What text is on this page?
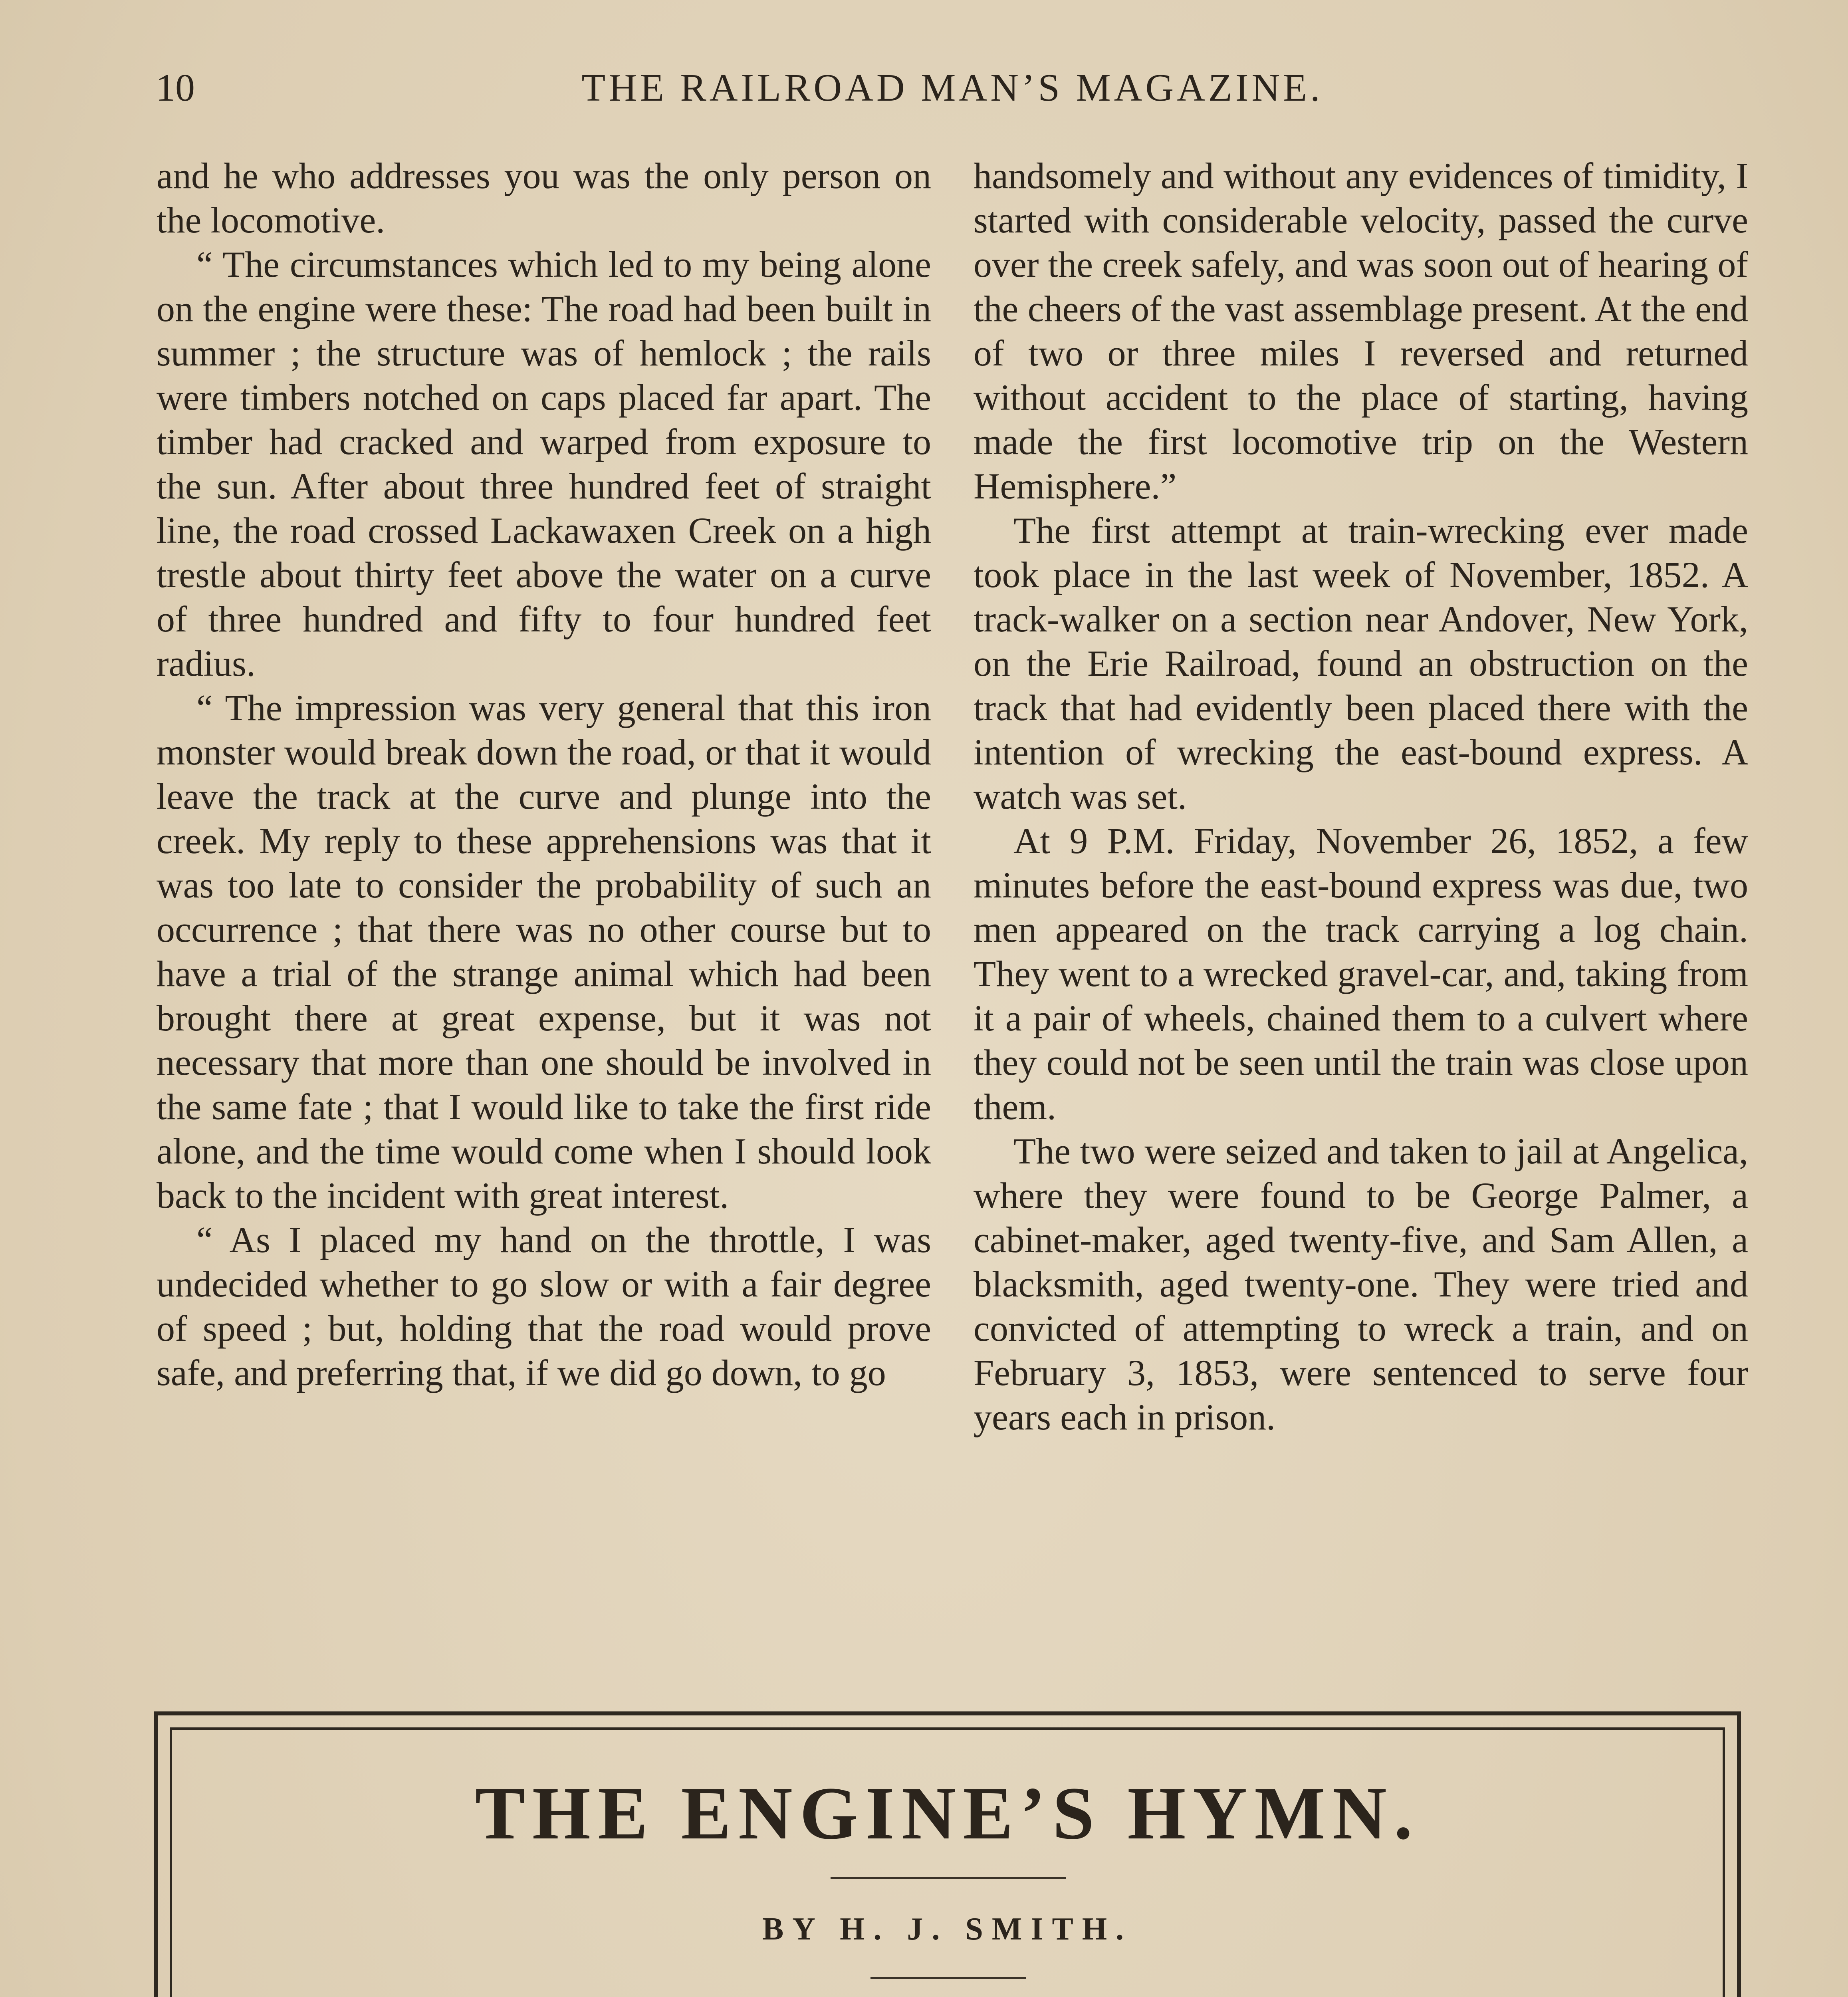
10	THE RAILROAD MAN’S MAGAZINE.

and he who addresses you was the only person on the locomotive.

“ The circumstances which led to my being alone on the engine were these: The road had been built in summer ; the structure was of hemlock ; the rails were timbers notched on caps placed far apart. The timber had cracked and warped from exposure to the sun. After about three hundred feet of straight line, the road crossed Lackawaxen Creek on a high trestle about thirty feet above the water on a curve of three hundred and fifty to four hundred feet radius.

“ The impression was very general that this iron monster would break down the road, or that it would leave the track at the curve and plunge into the creek. My reply to these apprehensions was that it was too late to consider the probability of such an occurrence ; that there was no other course but to have a trial of the strange animal which had been brought there at great expense, but it was not necessary that more than one should be involved in the same fate ; that I would like to take the first ride alone, and the time would come when I should look back to the incident with great interest.

“ As I placed my hand on the throttle, I was undecided whether to go slow or with a fair degree of speed ; but, holding that the road would prove safe, and preferring that, if we did go down, to go

handsomely and without any evidences of timidity, I started with considerable velocity, passed the curve over the creek safely, and was soon out of hearing of the cheers of the vast assemblage present. At the end of two or three miles I reversed and returned without accident to the place of starting, having made the first locomotive trip on the Western Hemisphere.”

The first attempt at train-wrecking ever made took place in the last week of November, 1852. A track-walker on a section near Andover, New York, on the Erie Railroad, found an obstruction on the track that had evidently been placed there with the intention of wrecking the east-bound express. A watch was set.

At 9 P.M. Friday, November 26, 1852, a few minutes before the east-bound express was due, two men appeared on the track carrying a log chain. They went to a wrecked gravel-car, and, taking from it a pair of wheels, chained them to a culvert where they could not be seen until the train was close upon them.

The two were seized and taken to jail at Angelica, where they were found to be George Palmer, a cabinet-maker, aged twenty-five, and Sam Allen, a blacksmith, aged twenty-one. They were tried and convicted of attempting to wreck a train, and on February 3, 1853, were sentenced to serve four years each in prison.

THE ENGINE’S HYMN.
BY H. J. SMITH.
